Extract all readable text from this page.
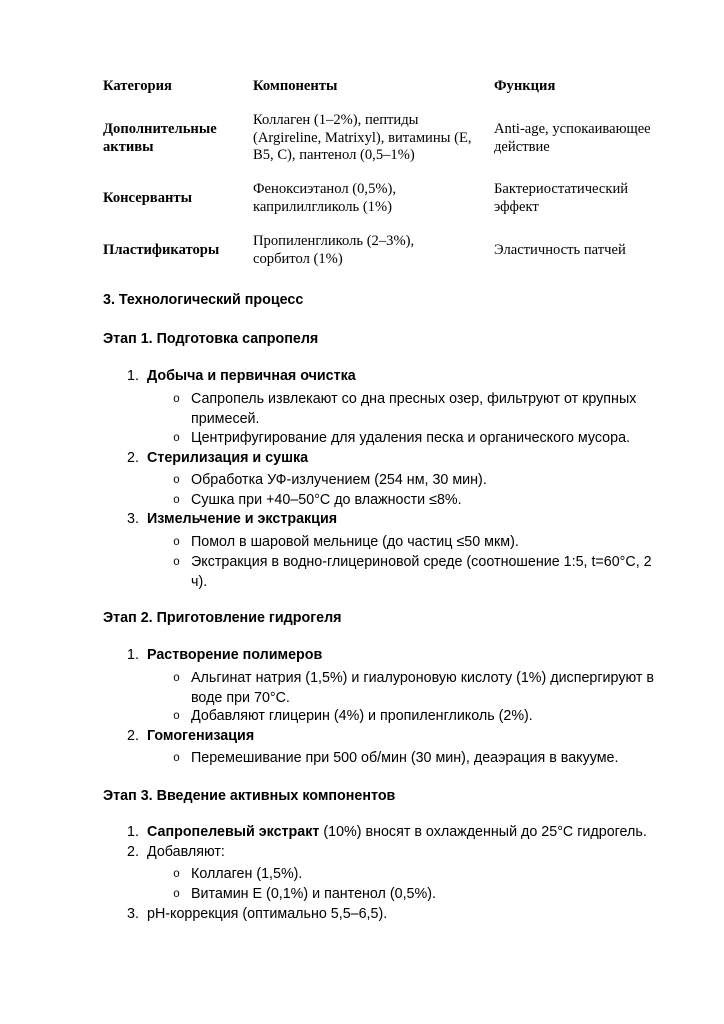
Категория	Компоненты	Функция
Дополнительные активы
Коллаген (1–2%), пептиды (Argireline, Matrixyl), витамины (E, B5, C), пантенол (0,5–1%)
Anti-age, успокаивающее действие
Консерванты
Феноксиэтанол (0,5%), каприлилгликоль (1%)
Бактериостатический эффект
Пластификаторы
Пропиленгликоль (2–3%), сорбитол (1%)
Эластичность патчей
3. Технологический процесс
Этап 1. Подготовка сапропеля
1. Добыча и первичная очистка
o Сапропель извлекают со дна пресных озер, фильтруют от крупных примесей.
o Центрифугирование для удаления песка и органического мусора.
2. Стерилизация и сушка
o Обработка УФ-излучением (254 нм, 30 мин).
o Сушка при +40–50°C до влажности ≤8%.
3. Измельчение и экстракция
o Помол в шаровой мельнице (до частиц ≤50 мкм).
o Экстракция в водно-глицериновой среде (соотношение 1:5, t=60°C, 2 ч).
Этап 2. Приготовление гидрогеля
1. Растворение полимеров
o Альгинат натрия (1,5%) и гиалуроновую кислоту (1%) диспергируют в воде при 70°C.
o Добавляют глицерин (4%) и пропиленгликоль (2%).
2. Гомогенизация
o Перемешивание при 500 об/мин (30 мин), деаэрация в вакууме.
Этап 3. Введение активных компонентов
1. Сапропелевый экстракт (10%) вносят в охлажденный до 25°C гидрогель.
2. Добавляют:
o Коллаген (1,5%).
o Витамин E (0,1%) и пантенол (0,5%).
3. pH-коррекция (оптимально 5,5–6,5).
